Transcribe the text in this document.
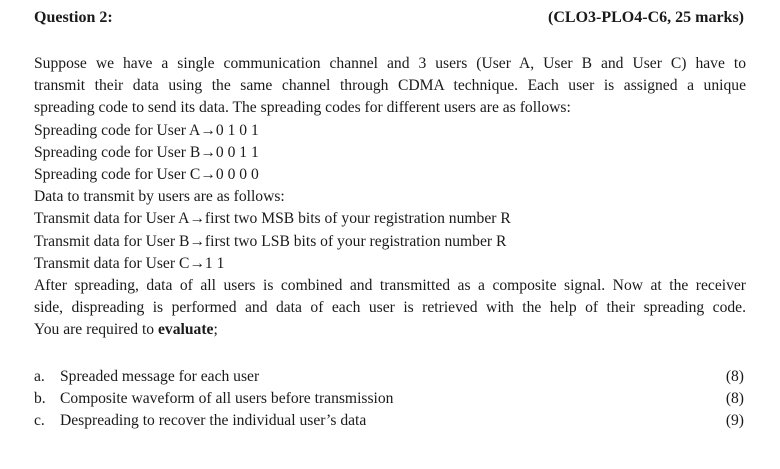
Question 2:	(CLO3-PLO4-C6, 25 marks)
Suppose we have a single communication channel and 3 users (User A, User B and User C) have to
transmit their data using the same channel through CDMA technique. Each user is assigned a unique
spreading code to send its data. The spreading codes for different users are as follows:
Spreading code for User A→0 1 0 1
Spreading code for User B→0 0 1 1
Spreading code for User C→0 0 0 0
Data to transmit by users are as follows:
Transmit data for User A→first two MSB bits of your registration number R
Transmit data for User B→first two LSB bits of your registration number R
Transmit data for User C→1 1
After spreading, data of all users is combined and transmitted as a composite signal. Now at the receiver
side, dispreading is performed and data of each user is retrieved with the help of their spreading code.
You are required to evaluate;
a. Spreaded message for each user	(8)
b. Composite waveform of all users before transmission	(8)
c. Despreading to recover the individual user’s data	(9)
